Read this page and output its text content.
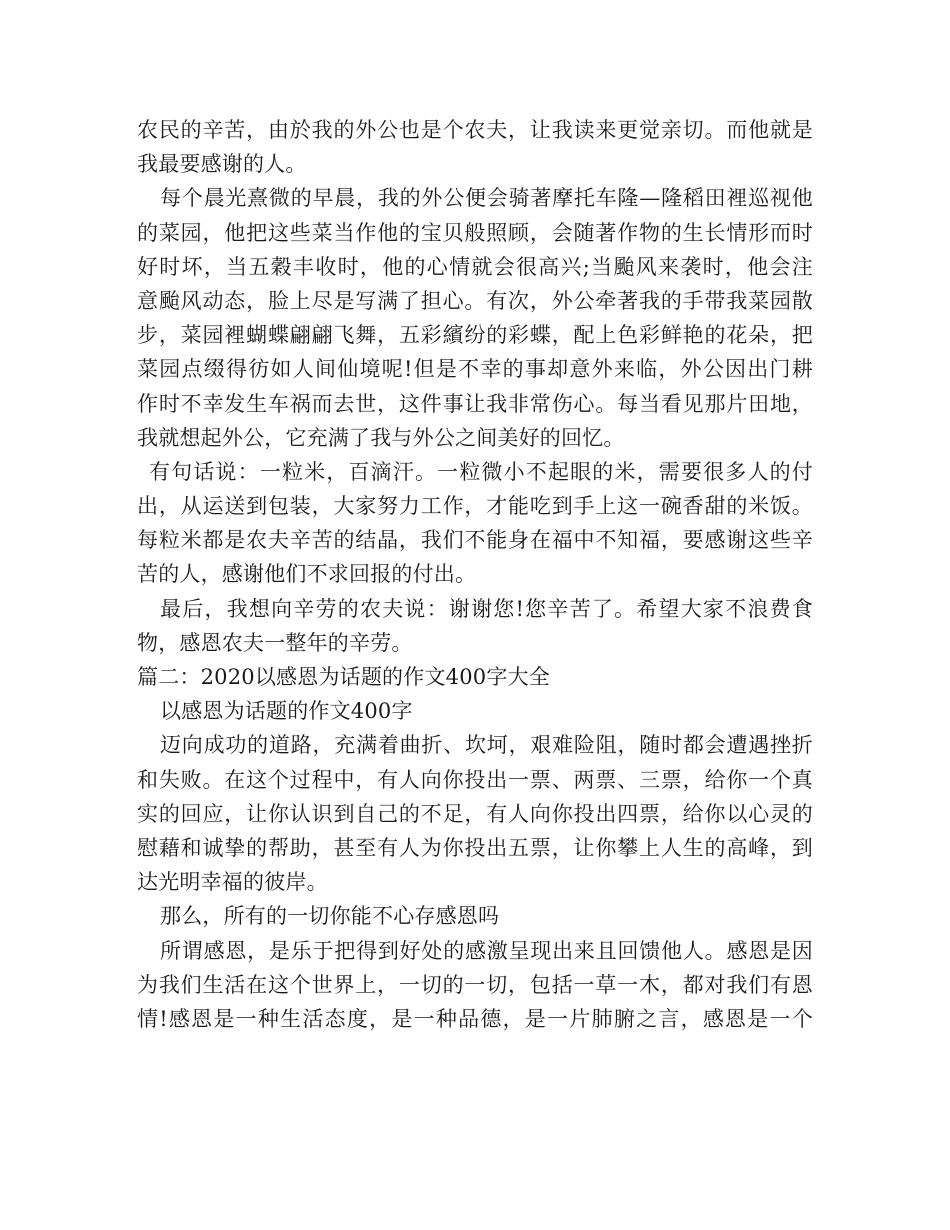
农民的辛苦，由於我的外公也是个农夫，让我读来更觉亲切。而他就是
我最要感谢的人。
每个晨光熹微的早晨，我的外公便会骑著摩托车隆—隆稻田裡巡视他
的菜园，他把这些菜当作他的宝贝般照顾，会随著作物的生长情形而时
好时坏，当五穀丰收时，他的心情就会很高兴;当颱风来袭时，他会注
意颱风动态，脸上尽是写满了担心。有次，外公牵著我的手带我菜园散
步，菜园裡蝴蝶翩翩飞舞，五彩繽纷的彩蝶，配上色彩鲜艳的花朵，把
菜园点缀得彷如人间仙境呢!但是不幸的事却意外来临，外公因出门耕
作时不幸发生车祸而去世，这件事让我非常伤心。每当看见那片田地，
我就想起外公，它充满了我与外公之间美好的回忆。
有句话说：一粒米，百滴汗。一粒微小不起眼的米，需要很多人的付
出，从运送到包装，大家努力工作，才能吃到手上这一碗香甜的米饭。
每粒米都是农夫辛苦的结晶，我们不能身在福中不知福，要感谢这些辛
苦的人，感谢他们不求回报的付出。
最后，我想向辛劳的农夫说：谢谢您!您辛苦了。希望大家不浪费食
物，感恩农夫一整年的辛劳。
篇二：2020以感恩为话题的作文400字大全
以感恩为话题的作文400字
迈向成功的道路，充满着曲折、坎坷，艰难险阻，随时都会遭遇挫折
和失败。在这个过程中，有人向你投出一票、两票、三票，给你一个真
实的回应，让你认识到自己的不足，有人向你投出四票，给你以心灵的
慰藉和诚挚的帮助，甚至有人为你投出五票，让你攀上人生的高峰，到
达光明幸福的彼岸。
那么，所有的一切你能不心存感恩吗
所谓感恩，是乐于把得到好处的感激呈现出来且回馈他人。感恩是因
为我们生活在这个世界上，一切的一切，包括一草一木，都对我们有恩
情!感恩是一种生活态度，是一种品德，是一片肺腑之言，感恩是一个
